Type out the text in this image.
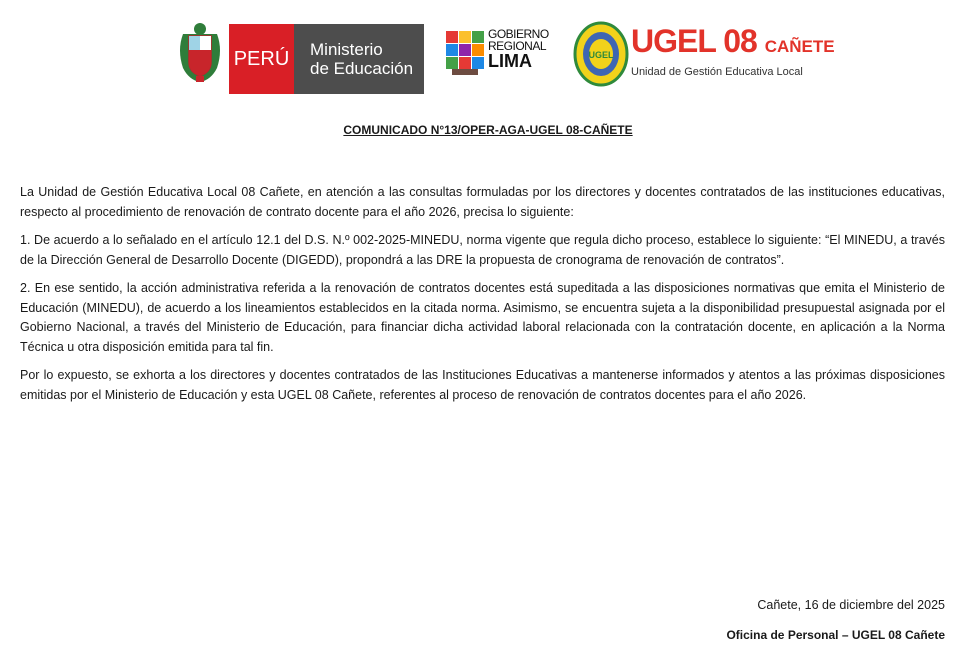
PERÚ Ministerio
de Educación
GOBIERNO
REGIONAL
LIMA	UGEL UGEL 08 CAÑETE
Unidad de Gestión Educativa Local
COMUNICADO N°13/OPER-AGA-UGEL 08-CAÑETE

La Unidad de Gestión Educativa Local 08 Cañete, en atención a las consultas formuladas por los directores y docentes contratados de las instituciones educativas, respecto al procedimiento de renovación de contrato docente para el año 2026, precisa lo siguiente:

1. De acuerdo a lo señalado en el artículo 12.1 del D.S. N.º 002-2025-MINEDU, norma vigente que regula dicho proceso, establece lo siguiente: “El MINEDU, a través de la Dirección General de Desarrollo Docente (DIGEDD), propondrá a las DRE la propuesta de cronograma de renovación de contratos”.

2. En ese sentido, la acción administrativa referida a la renovación de contratos docentes está supeditada a las disposiciones normativas que emita el Ministerio de Educación (MINEDU), de acuerdo a los lineamientos establecidos en la citada norma. Asimismo, se encuentra sujeta a la disponibilidad presupuestal asignada por el Gobierno Nacional, a través del Ministerio de Educación, para financiar dicha actividad laboral relacionada con la contratación docente, en aplicación a la Norma Técnica u otra disposición emitida para tal fin.

Por lo expuesto, se exhorta a los directores y docentes contratados de las Instituciones Educativas a mantenerse informados y atentos a las próximas disposiciones emitidas por el Ministerio de Educación y esta UGEL 08 Cañete, referentes al proceso de renovación de contratos docentes para el año 2026.

Cañete, 16 de diciembre del 2025
Oficina de Personal – UGEL 08 Cañete
